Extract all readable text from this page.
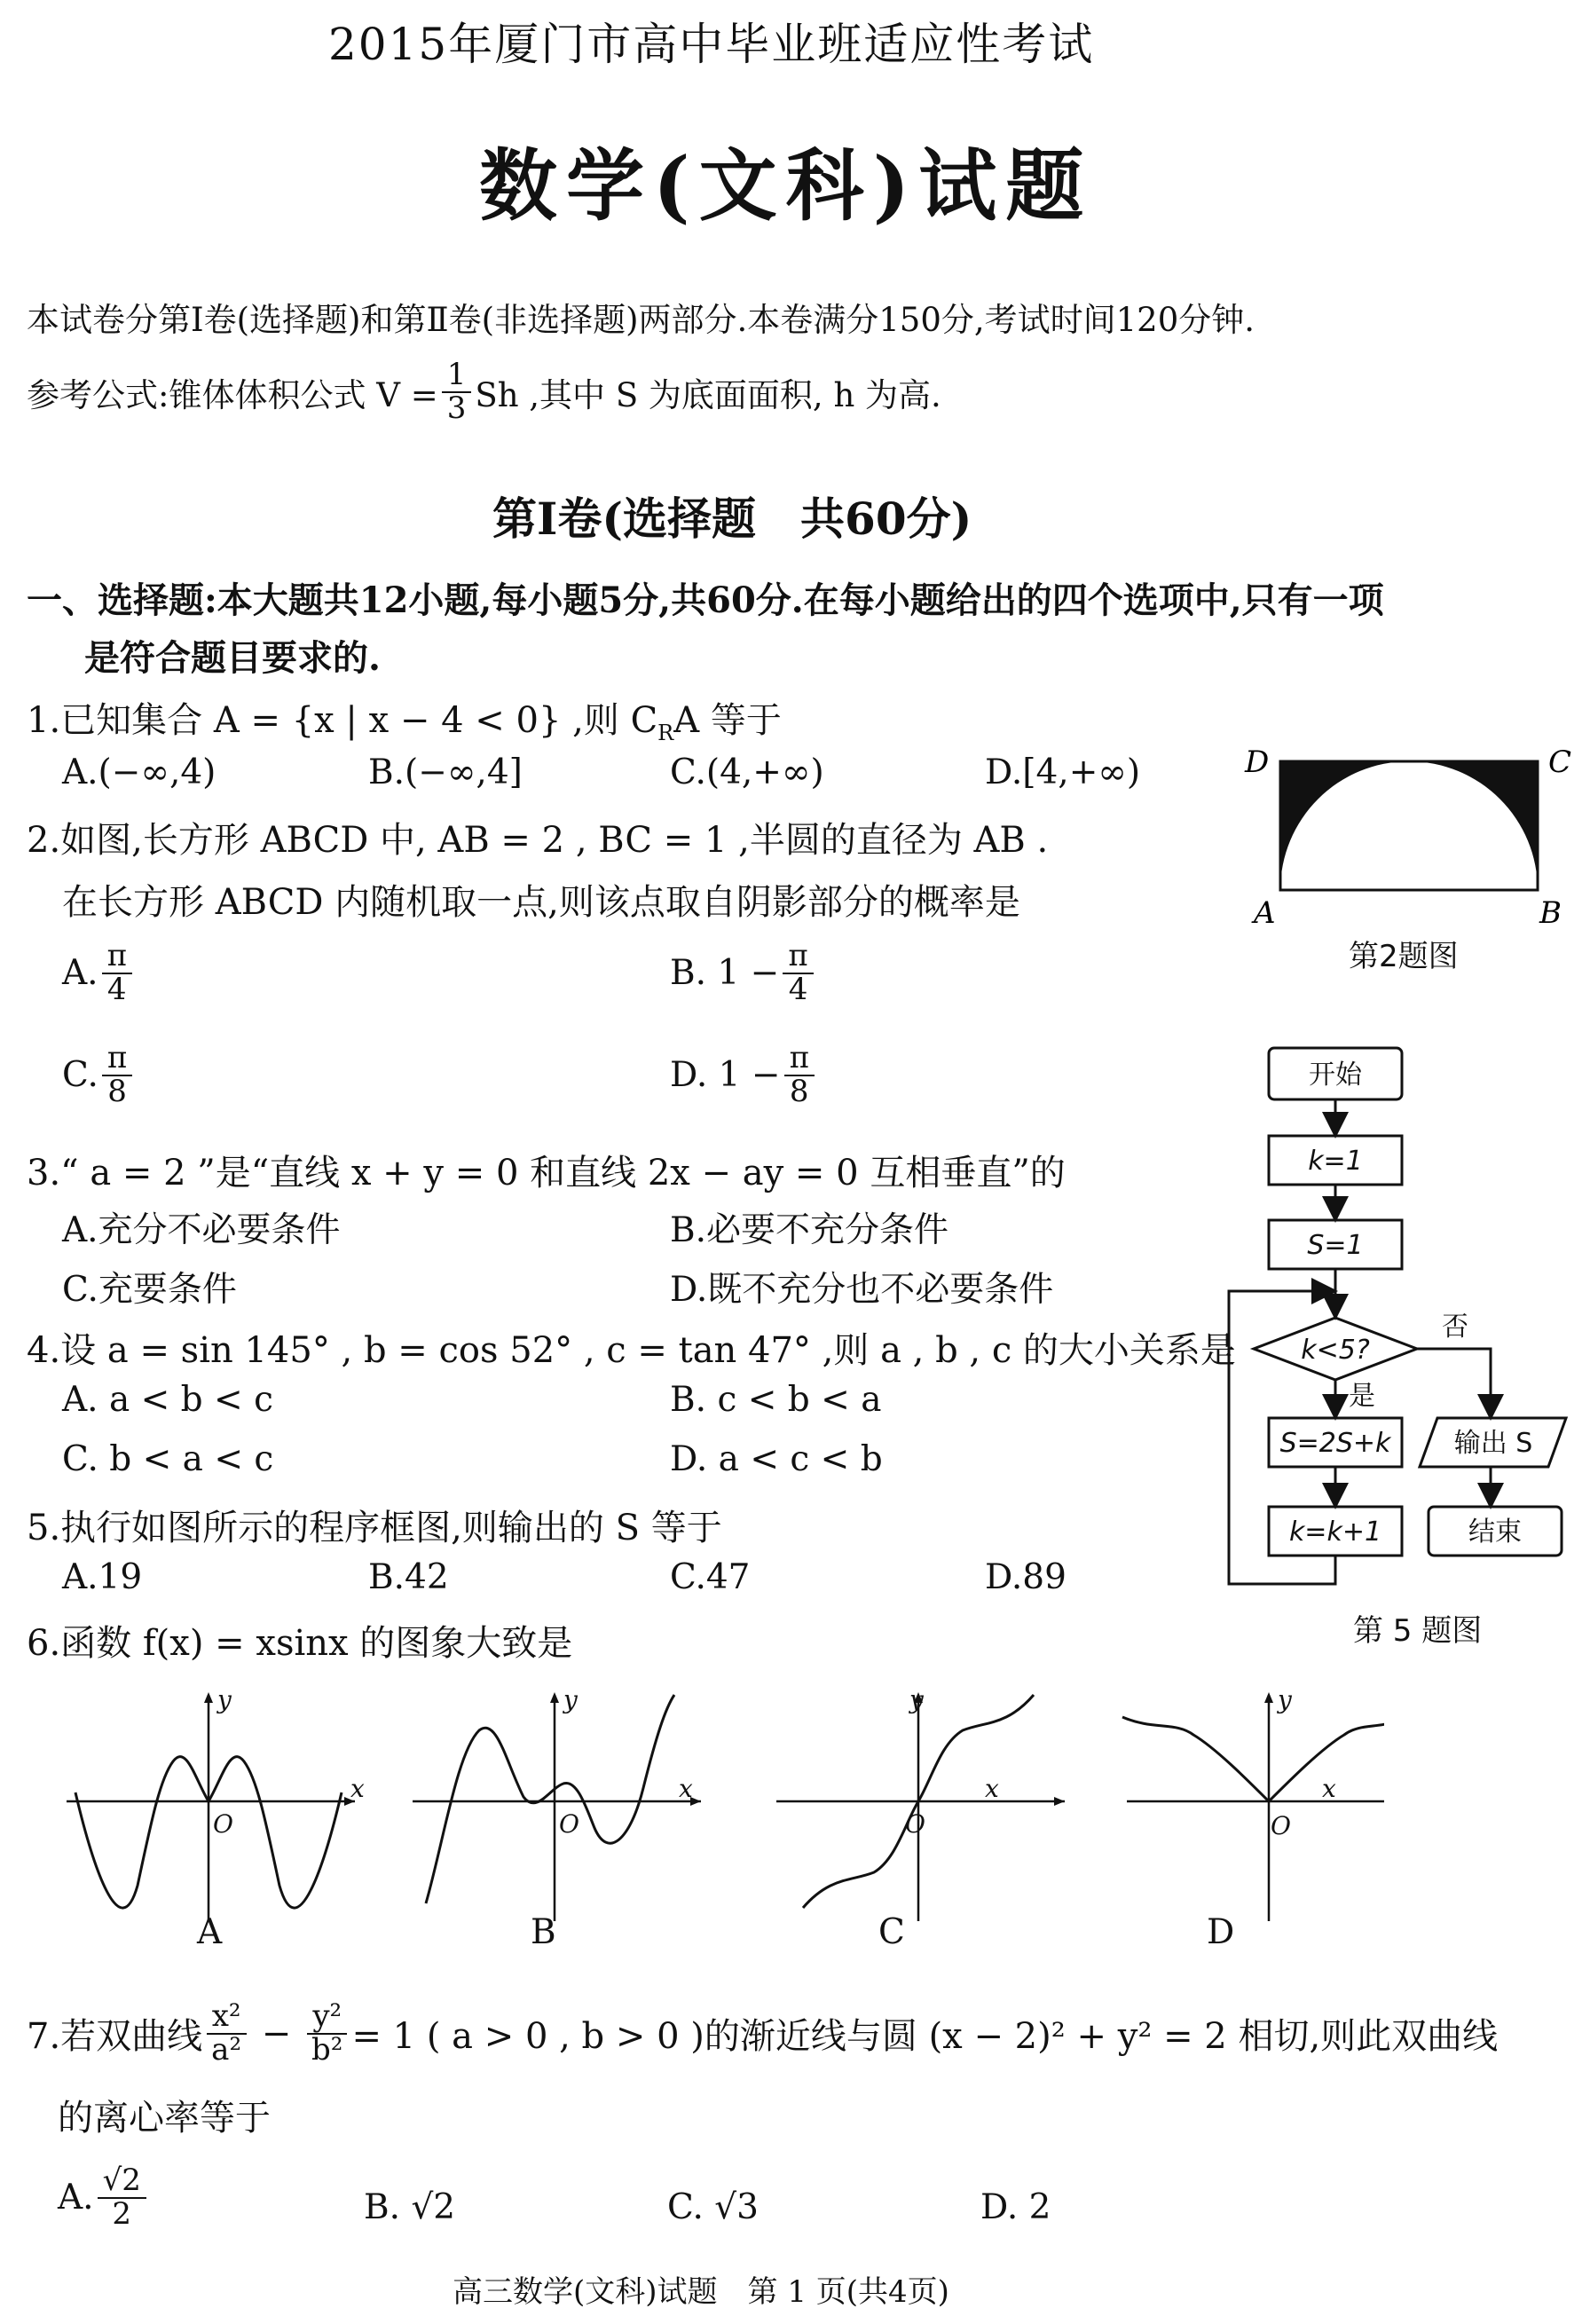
2015年厦门市高中毕业班适应性考试
数学(文科)试题
本试卷分第Ⅰ卷(选择题)和第Ⅱ卷(非选择题)两部分.本卷满分150分,考试时间120分钟.
参考公式:锥体体积公式 $V = \frac{1}{3}$ Sh ,其中 S 为底面面积, h 为高.
第Ⅰ卷(选择题　共60分)
一、选择题:本大题共12小题,每小题5分,共60分.在每小题给出的四个选项中,只有一项
是符合题目要求的.
1.已知集合 A = {x | x − 4 < 0} ,则 $C_RA$ 等于
A.(−∞,4)	B.(−∞,4]	C.(4,+∞)	D.[4,+∞)	D	C
A	B
第2题图
2.如图,长方形 ABCD 中, AB = 2 , BC = 1 ,半圆的直径为 AB .
在长方形 ABCD 内随机取一点,则该点取自阴影部分的概率是
A. $\frac{\pi}{4}$	B. $1 - \frac{\pi}{4}$
C. $\frac{\pi}{8}$	D. $1 - \frac{\pi}{8}$	开始
k=1
S=1
k<5?
否
是
S=2S+k 输出 S
k=k+1	结束
第 5 题图
3.“ a = 2 ”是“直线 x + y = 0 和直线 2x − ay = 0 互相垂直”的
A.充分不必要条件	B.必要不充分条件
C.充要条件	D.既不充分也不必要条件
4.设 a = sin 145° , b = cos 52° , c = tan 47° ,则 a , b , c 的大小关系是
A. a < b < c	B. c < b < a
C. b < a < c	D. a < c < b
5.执行如图所示的程序框图,则输出的 S 等于
A.19	B.42	C.47	D.89
6.函数 f(x) = xsinx 的图象大致是
y
x
O
y
x
O
y
x
O
y
x
O
A	B	C	D
7.若双曲线 $\frac{\text{x²}}{\text{a²}} - \frac{\text{y²}}{\text{b²}} = 1$ ( a > 0 , b > 0 )的渐近线与圆 (x − 2)² + y² = 2 相切,则此双曲线
的离心率等于
A. $\frac{√2}{2}$	B. √2	C. √3	D. 2
高三数学(文科)试题　第 1 页(共4页)
